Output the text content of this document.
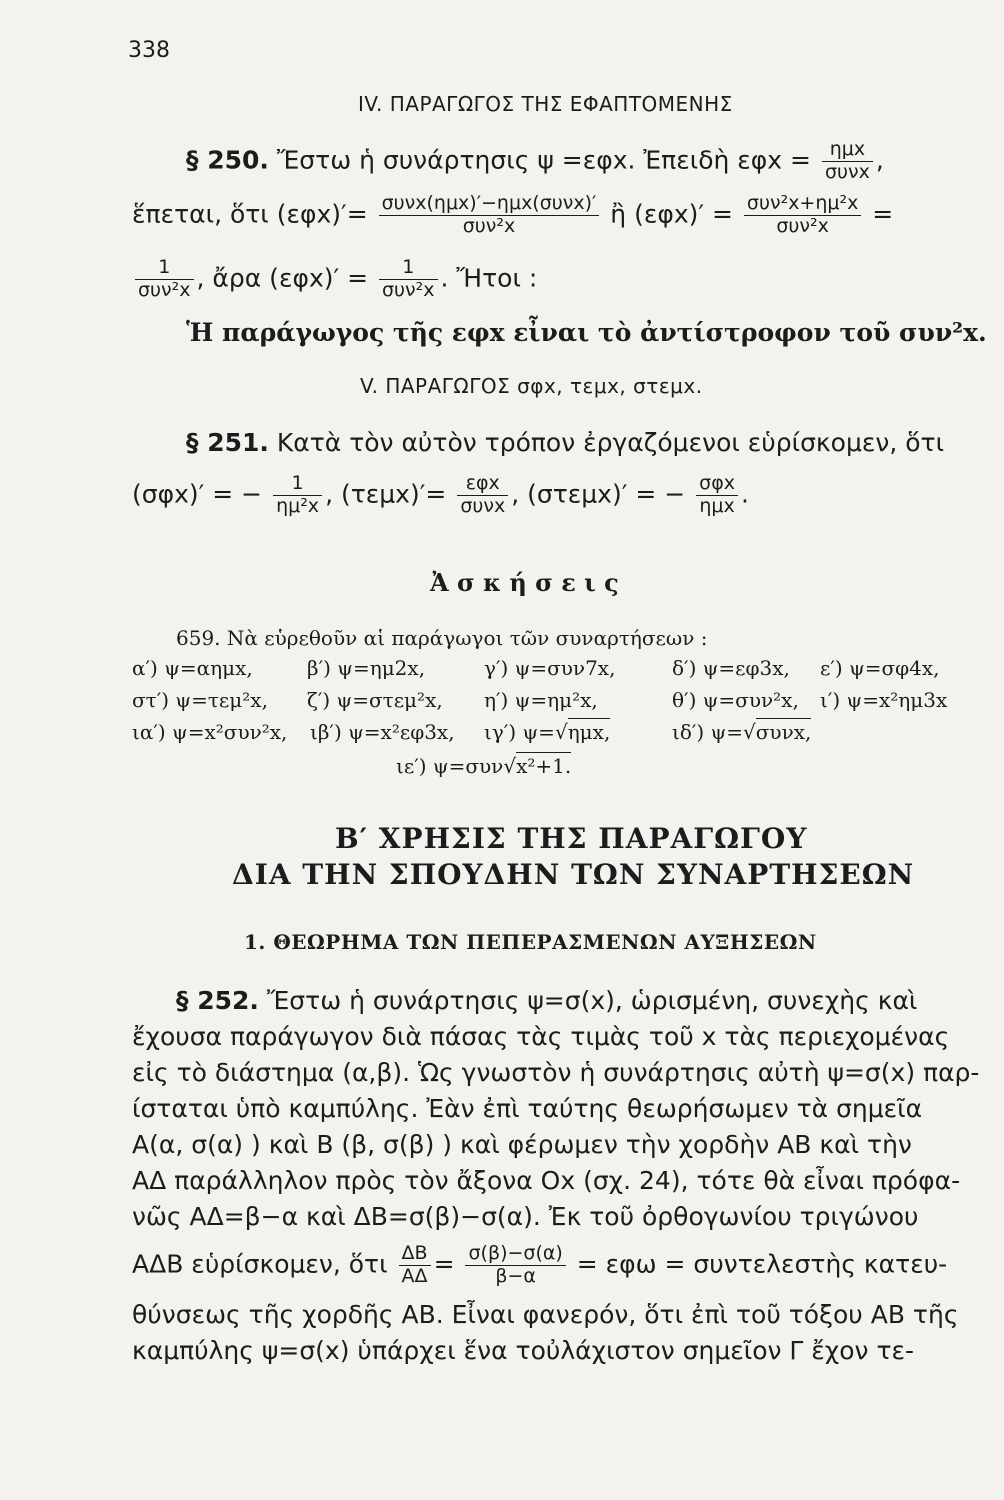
338
IV. ΠΑΡΑΓΩΓΟΣ ΤΗΣ ΕΦΑΠΤΟΜΕΝΗΣ
§ 250. Ἔστω ἡ συνάρτησις ψ =εφx. Ἐπειδὴ $\varepsilon\varphi x = \frac{\text{ημx}}{\text{συνx}}$ ,
ἕπεται, ὅτι $(\varepsilon\varphi x)'= \frac{\text{συνx(ημx)′−ημx(συνx)′}}{\text{συν²x}}$ ἢ $(\varepsilon\varphi x)' = \frac{\text{συν²x+ημ²x}}{\text{συν²x}}$ =
$\frac{1}{\text{συν²x}}$ , ἄρα $(\varepsilon\varphi x)' = \frac{1}{\text{συν²x}}$ . Ἤτοι :
Ἡ παράγωγος τῆς εφx εἶναι τὸ ἀντίστροφον τοῦ συν²x.
V. ΠΑΡΑΓΩΓΟΣ σφx, τεμx, στεμx.
§ 251. Κατὰ τὸν αὐτὸν τρόπον ἐργαζόμενοι εὑρίσκομεν, ὅτι
(σφx)′ = − $\frac{1}{\text{ημ²x}}$ , $(\tau\varepsilon\mu x)'= \frac{\text{εφx}}{\text{συνx}}$ , (στεμx)′ = − $\frac{\text{σφx}}{\text{ημx}}$ .
Ἀ σ κ ή σ ε ι ς
659. Νὰ εὑρεθοῦν αἱ παράγωγοι τῶν συναρτήσεων :
α′) ψ=αημx,	β′) ψ=ημ2x,	γ′) ψ=συν7x,	δ′) ψ=εφ3x, ε′) ψ=σφ4x,
στ′) ψ=τεμ²x, ζ′) ψ=στεμ²x, η′) ψ=ημ²x,	θ′) ψ=συν²x, ι′) ψ=x²ημ3x
ια′) ψ=x²συν²x, ιβ′) ψ=x²εφ3x, ιγ′) ψ=√ημx,	ιδ′) ψ=√συνx,
ιε′) ψ=συν√x²+1.
Β′ ΧΡΗΣΙΣ ΤΗΣ ΠΑΡΑΓΩΓΟΥ
ΔΙΑ ΤΗΝ ΣΠΟΥΔΗΝ ΤΩΝ ΣΥΝΑΡΤΗΣΕΩΝ
1. ΘΕΩΡΗΜΑ ΤΩΝ ΠΕΠΕΡΑΣΜΕΝΩΝ ΑΥΞΗΣΕΩΝ
§ 252. Ἔστω ἡ συνάρτησις ψ=σ(x), ὡρισμένη, συνεχὴς καὶ
ἔχουσα παράγωγον διὰ πάσας τὰς τιμὰς τοῦ x τὰς περιεχομένας
εἰς τὸ διάστημα (α,β). Ὡς γνωστὸν ἡ συνάρτησις αὐτὴ ψ=σ(x) παρ-
ίσταται ὑπὸ καμπύλης. Ἐὰν ἐπὶ ταύτης θεωρήσωμεν τὰ σημεῖα
Α(α, σ(α) ) καὶ Β (β, σ(β) ) καὶ φέρωμεν τὴν χορδὴν ΑΒ καὶ τὴν
ΑΔ παράλληλον πρὸς τὸν ἄξονα Οx (σχ. 24), τότε θὰ εἶναι πρόφα-
νῶς ΑΔ=β−α καὶ ΔΒ=σ(β)−σ(α). Ἐκ τοῦ ὀρθογωνίου τριγώνου
ΑΔΒ εὑρίσκομεν, ὅτι $\frac{\Delta B}{A\Delta} = \frac{\sigma(\beta)-\sigma(\alpha)}{\beta-\alpha} = \varepsilon\varphi\omega$ = συντελεστὴς κατευ-
θύνσεως τῆς χορδῆς ΑΒ. Εἶναι φανερόν, ὅτι ἐπὶ τοῦ τόξου ΑΒ τῆς
καμπύλης ψ=σ(x) ὑπάρχει ἕνα τοὐλάχιστον σημεῖον Γ ἔχον τε-
